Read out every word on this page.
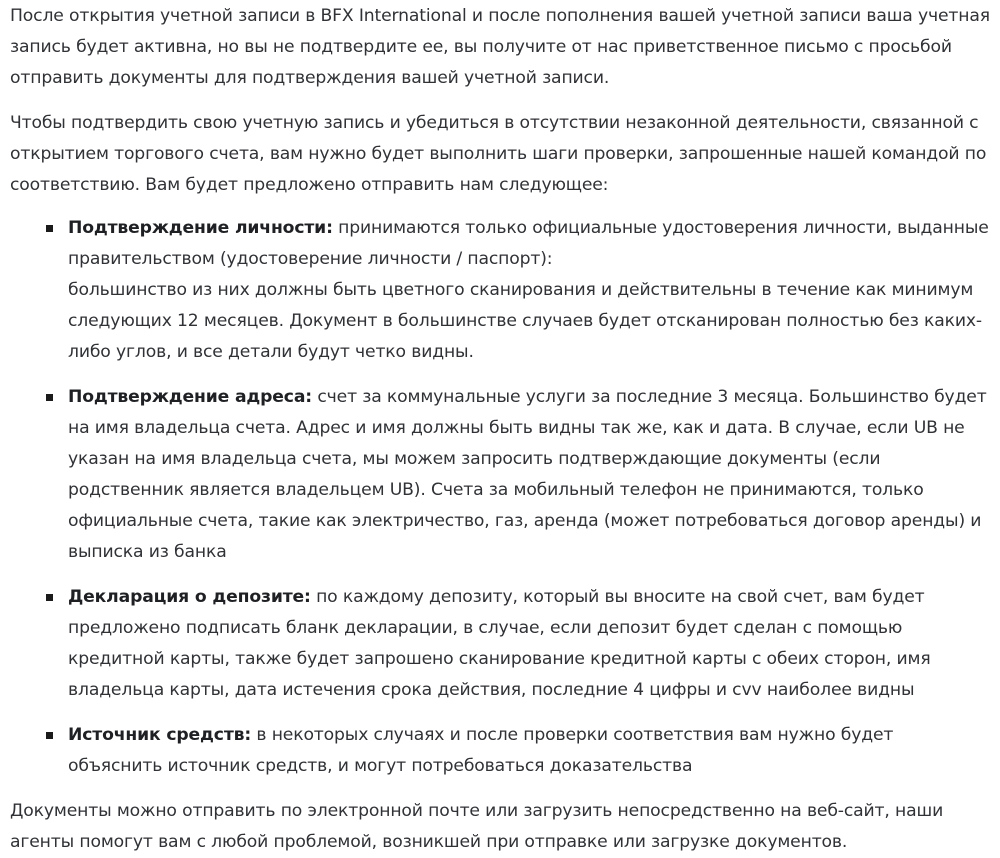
После открытия учетной записи в BFX International и после пополнения вашей учетной записи ваша учетная запись будет активна, но вы не подтвердите ее, вы получите от нас приветственное письмо с просьбой отправить документы для подтверждения вашей учетной записи.

Чтобы подтвердить свою учетную запись и убедиться в отсутствии незаконной деятельности, связанной с открытием торгового счета, вам нужно будет выполнить шаги проверки, запрошенные нашей командой по соответствию. Вам будет предложено отправить нам следующее:

Подтверждение личности: принимаются только официальные удостоверения личности, выданные правительством (удостоверение личности / паспорт):
большинство из них должны быть цветного сканирования и действительны в течение как минимум следующих 12 месяцев. Документ в большинстве случаев будет отсканирован полностью без каких-либо углов, и все детали будут четко видны.
Подтверждение адреса: счет за коммунальные услуги за последние 3 месяца. Большинство будет на имя владельца счета. Адрес и имя должны быть видны так же, как и дата. В случае, если UB не указан на имя владельца счета, мы можем запросить подтверждающие документы (если родственник является владельцем UB). Счета за мобильный телефон не принимаются, только официальные счета, такие как электричество, газ, аренда (может потребоваться договор аренды) и выписка из банка
Декларация о депозите: по каждому депозиту, который вы вносите на свой счет, вам будет предложено подписать бланк декларации, в случае, если депозит будет сделан с помощью кредитной карты, также будет запрошено сканирование кредитной карты с обеих сторон, имя владельца карты, дата истечения срока действия, последние 4 цифры и cvv наиболее видны
Источник средств: в некоторых случаях и после проверки соответствия вам нужно будет объяснить источник средств, и могут потребоваться доказательства

Документы можно отправить по электронной почте или загрузить непосредственно на веб-сайт, наши агенты помогут вам с любой проблемой, возникшей при отправке или загрузке документов.
